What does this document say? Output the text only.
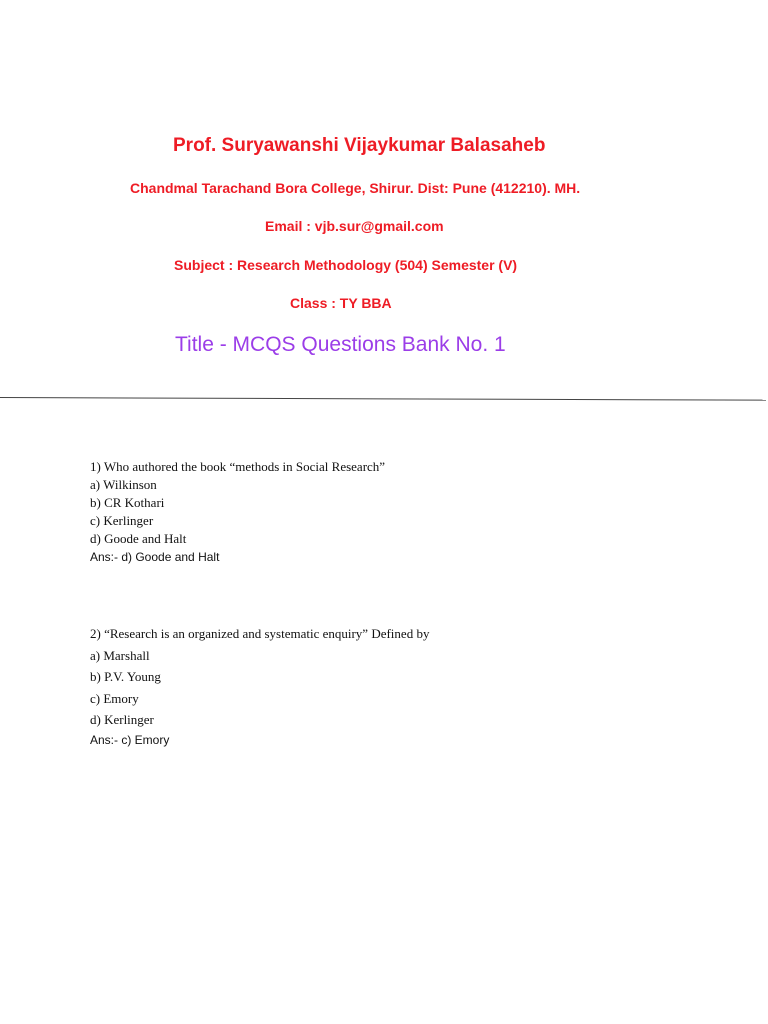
Prof. Suryawanshi Vijaykumar Balasaheb
Chandmal Tarachand Bora College, Shirur. Dist: Pune (412210). MH.
Email : vjb.sur@gmail.com
Subject : Research Methodology (504) Semester (V)
Class : TY BBA
Title - MCQS Questions Bank No. 1
1) Who authored the book “methods in Social Research”
a) Wilkinson
b) CR Kothari
c) Kerlinger
d) Goode and Halt
Ans:- d) Goode and Halt
2) “Research is an organized and systematic enquiry” Defined by
a) Marshall
b) P.V. Young
c) Emory
d) Kerlinger
Ans:- c) Emory
